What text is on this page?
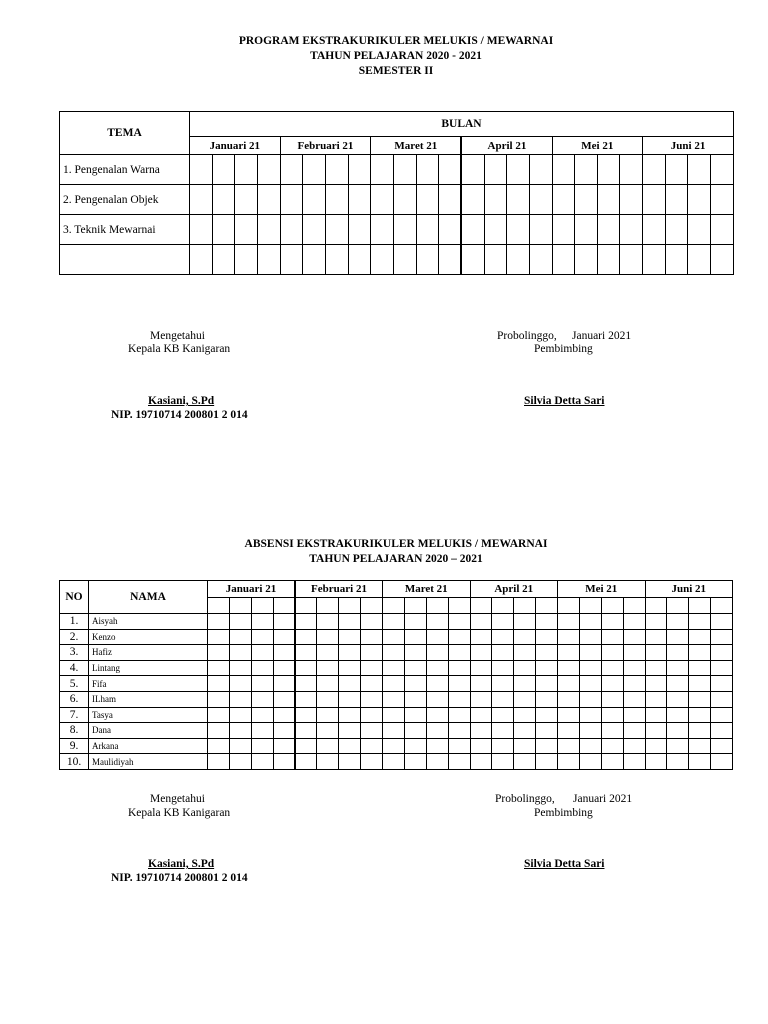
PROGRAM EKSTRAKURIKULER MELUKIS / MEWARNAI
TAHUN PELAJARAN 2020 - 2021
SEMESTER II
TEMA	BULAN																							
	Januari 21				Februari 21				Maret 21				April 21				Mei 21				Juni 21			
1. Pengenalan Warna																								
2. Pengenalan Objek																								
3. Teknik Mewarnai																								

Mengetahui
Kepala KB Kanigaran
Kasiani, S.Pd
NIP. 19710714 200801 2 014
Probolinggo, Januari 2021
Pembimbing
Silvia Detta Sari
ABSENSI EKSTRAKURIKULER MELUKIS / MEWARNAI
TAHUN PELAJARAN 2020 – 2021
NO	NAMA	Januari 21				Februari 21				Maret 21				April 21				Mei 21				Juni 21			

1.	Aisyah																								
2.	Kenzo																								
3.	Hafiz																								
4.	Lintang																								
5.	Fifa																								
6.	ILham																								
7.	Tasya																								
8.	Dana																								
9.	Arkana																								
10.	Maulidiyah																								
Mengetahui
Kepala KB Kanigaran
Kasiani, S.Pd
NIP. 19710714 200801 2 014
Probolinggo, Januari 2021
Pembimbing
Silvia Detta Sari
